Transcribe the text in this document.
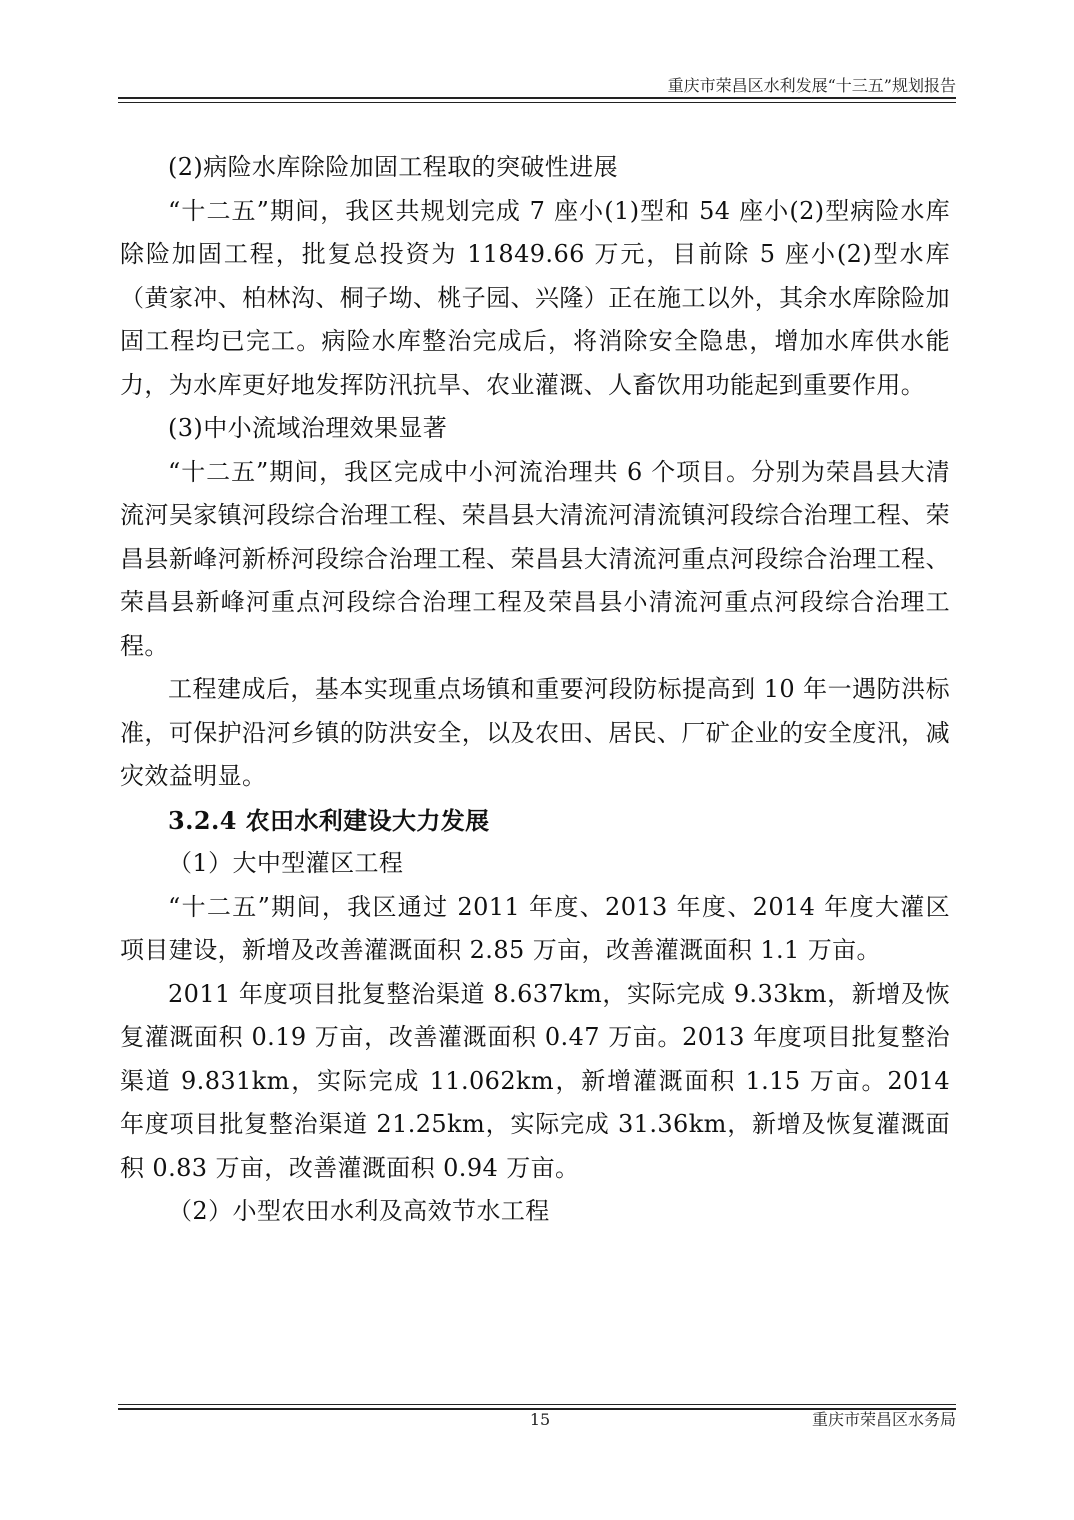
重庆市荣昌区水利发展“十三五”规划报告

(2)病险水库除险加固工程取的突破性进展

“十二五”期间，我区共规划完成 7 座小(1)型和 54 座小(2)型病险水库除险加固工程，批复总投资为 11849.66 万元，目前除 5 座小(2)型水库（黄家冲、柏林沟、桐子坳、桃子园、兴隆）正在施工以外，其余水库除险加固工程均已完工。病险水库整治完成后，将消除安全隐患，增加水库供水能力，为水库更好地发挥防汛抗旱、农业灌溉、人畜饮用功能起到重要作用。

(3)中小流域治理效果显著

“十二五”期间，我区完成中小河流治理共 6 个项目。分别为荣昌县大清流河吴家镇河段综合治理工程、荣昌县大清流河清流镇河段综合治理工程、荣昌县新峰河新桥河段综合治理工程、荣昌县大清流河重点河段综合治理工程、荣昌县新峰河重点河段综合治理工程及荣昌县小清流河重点河段综合治理工程。

工程建成后，基本实现重点场镇和重要河段防标提高到 10 年一遇防洪标准，可保护沿河乡镇的防洪安全，以及农田、居民、厂矿企业的安全度汛，减灾效益明显。

3.2.4 农田水利建设大力发展

（1）大中型灌区工程

“十二五”期间，我区通过 2011 年度、2013 年度、2014 年度大灌区项目建设，新增及改善灌溉面积 2.85 万亩，改善灌溉面积 1.1 万亩。

2011 年度项目批复整治渠道 8.637km，实际完成 9.33km，新增及恢复灌溉面积 0.19 万亩，改善灌溉面积 0.47 万亩。2013 年度项目批复整治渠道 9.831km，实际完成 11.062km，新增灌溉面积 1.15 万亩。2014 年度项目批复整治渠道 21.25km，实际完成 31.36km，新增及恢复灌溉面积 0.83 万亩，改善灌溉面积 0.94 万亩。

（2）小型农田水利及高效节水工程

15	重庆市荣昌区水务局
